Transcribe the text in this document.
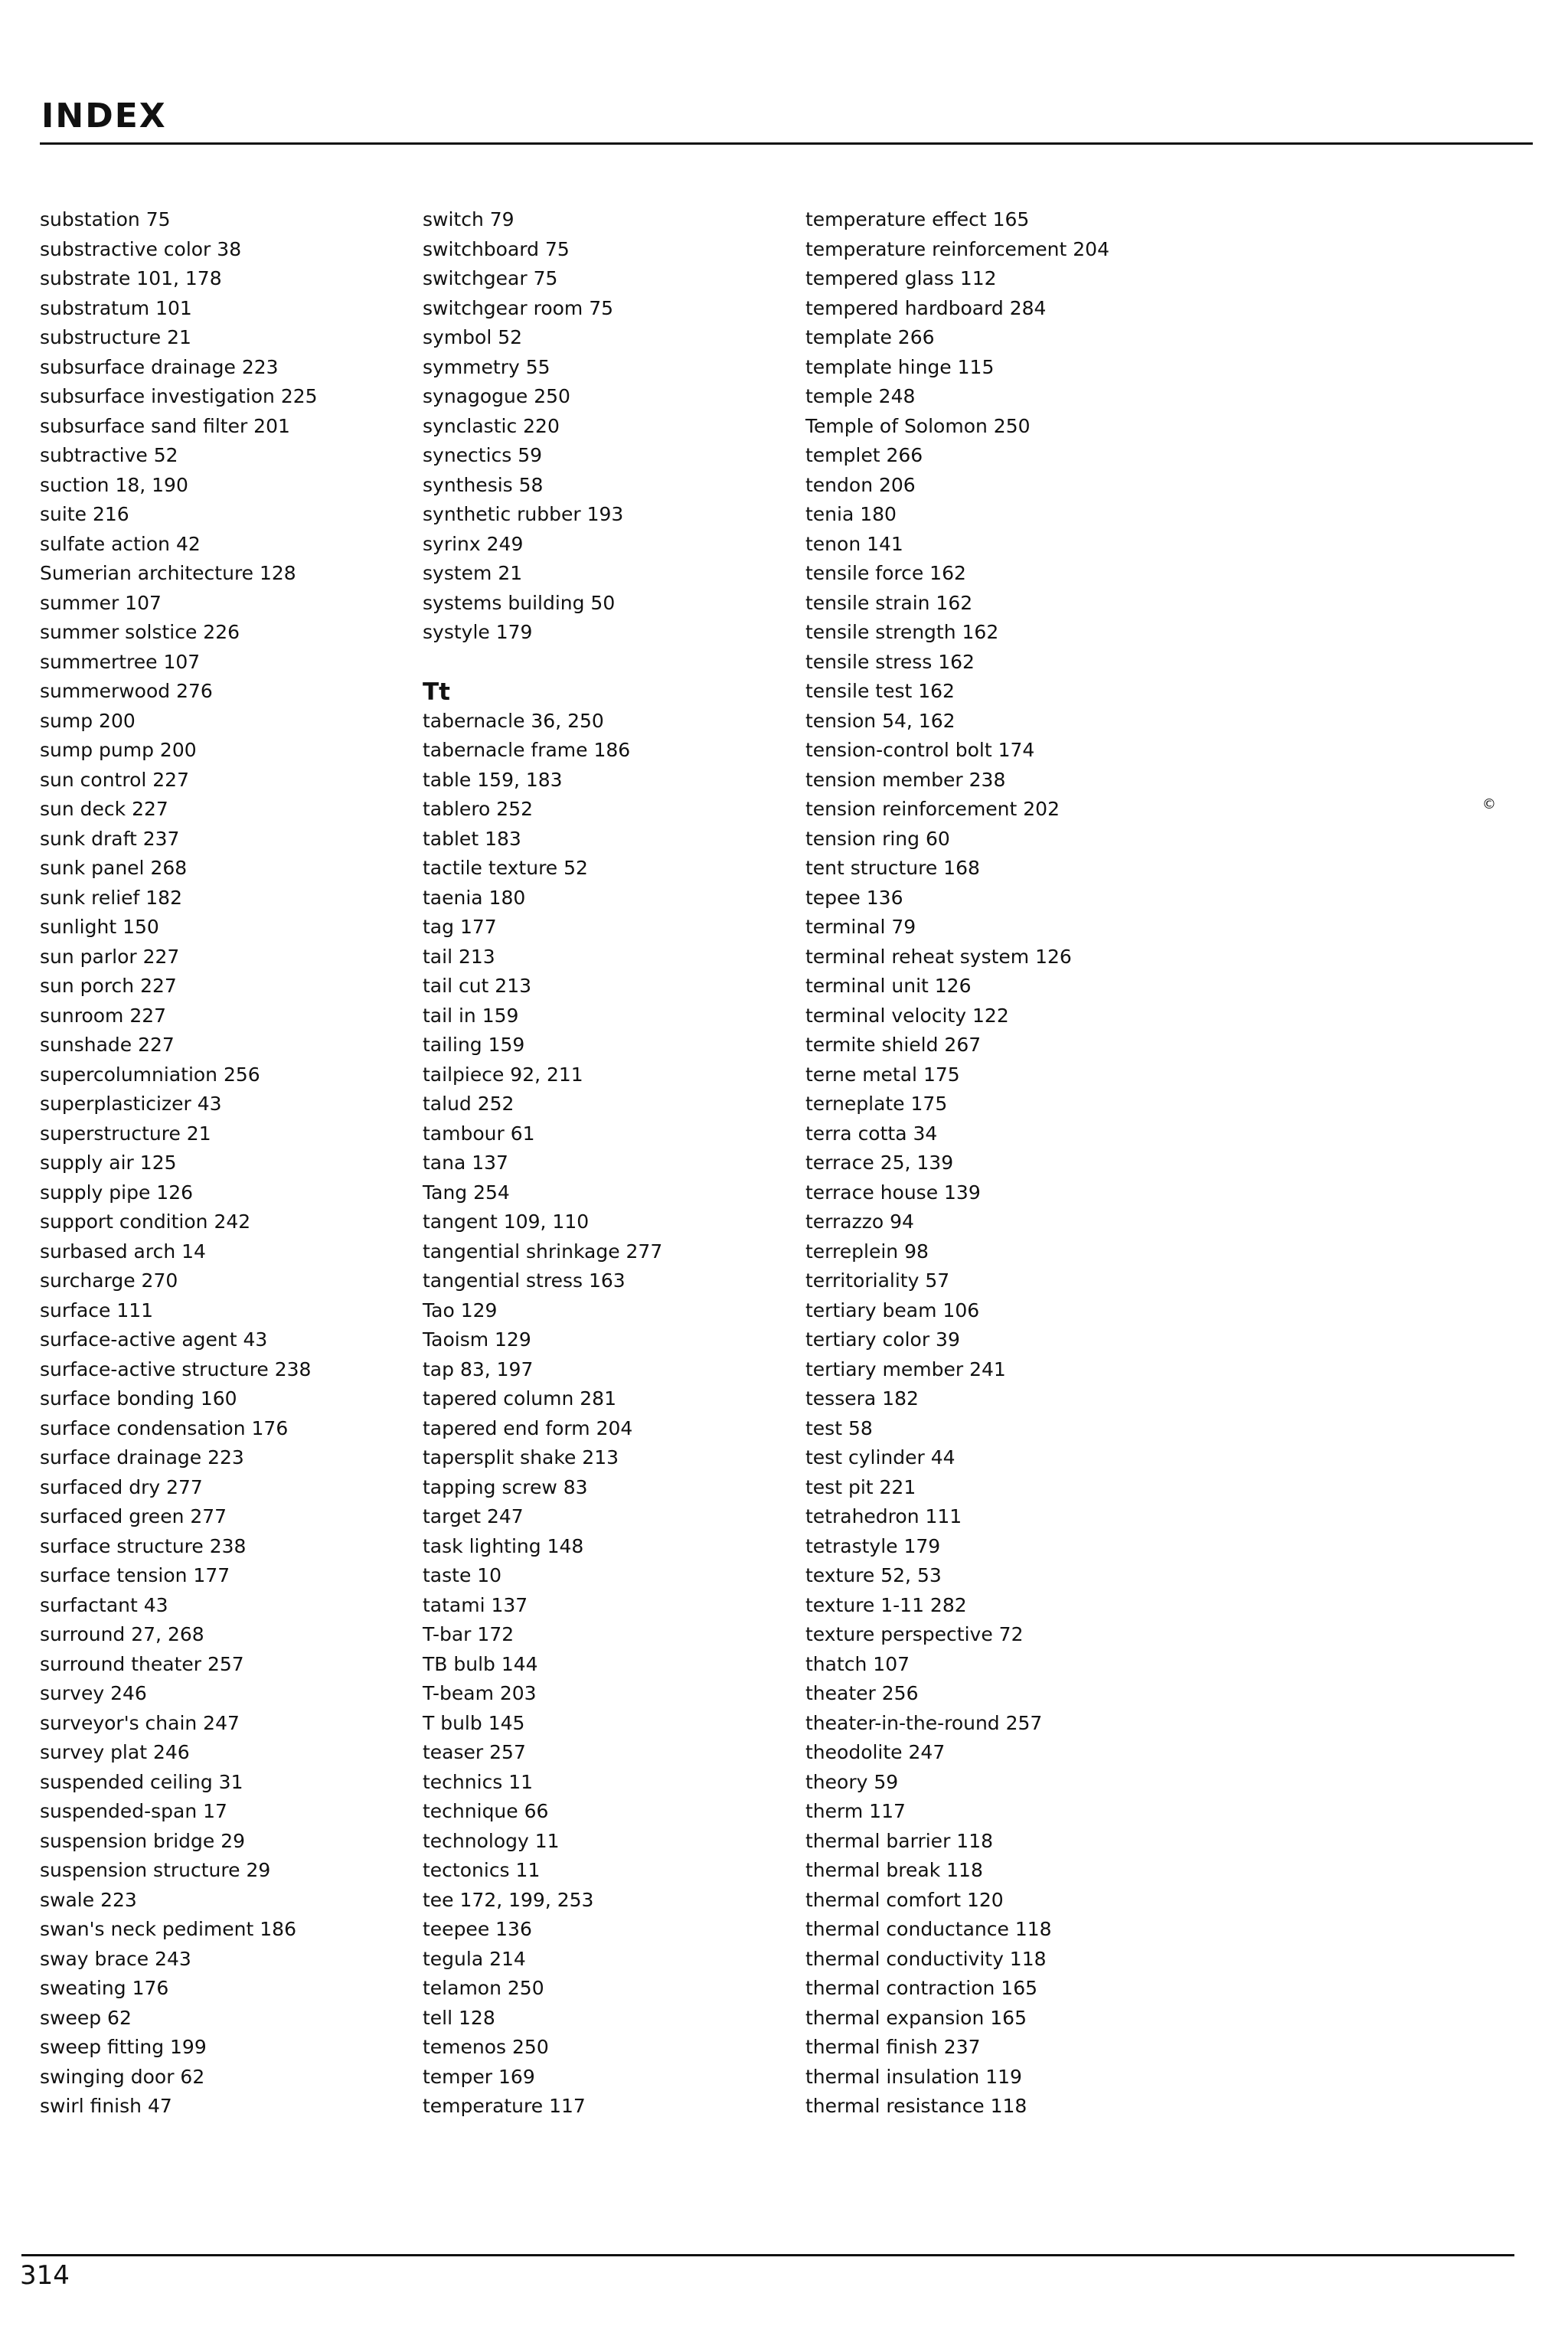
INDEX
substation 75
substractive color 38
substrate 101, 178
substratum 101
substructure 21
subsurface drainage 223
subsurface investigation 225
subsurface sand filter 201
subtractive 52
suction 18, 190
suite 216
sulfate action 42
Sumerian architecture 128
summer 107
summer solstice 226
summertree 107
summerwood 276
sump 200
sump pump 200
sun control 227
sun deck 227
sunk draft 237
sunk panel 268
sunk relief 182
sunlight 150
sun parlor 227
sun porch 227
sunroom 227
sunshade 227
supercolumniation 256
superplasticizer 43
superstructure 21
supply air 125
supply pipe 126
support condition 242
surbased arch 14
surcharge 270
surface 111
surface-active agent 43
surface-active structure 238
surface bonding 160
surface condensation 176
surface drainage 223
surfaced dry 277
surfaced green 277
surface structure 238
surface tension 177
surfactant 43
surround 27, 268
surround theater 257
survey 246
surveyor's chain 247
survey plat 246
suspended ceiling 31
suspended-span 17
suspension bridge 29
suspension structure 29
swale 223
swan's neck pediment 186
sway brace 243
sweating 176
sweep 62
sweep fitting 199
swinging door 62
swirl finish 47
switch 79
switchboard 75
switchgear 75
switchgear room 75
symbol 52
symmetry 55
synagogue 250
synclastic 220
synectics 59
synthesis 58
synthetic rubber 193
syrinx 249
system 21
systems building 50
systyle 179
Tt
tabernacle 36, 250
tabernacle frame 186
table 159, 183
tablero 252
tablet 183
tactile texture 52
taenia 180
tag 177
tail 213
tail cut 213
tail in 159
tailing 159
tailpiece 92, 211
talud 252
tambour 61
tana 137
Tang 254
tangent 109, 110
tangential shrinkage 277
tangential stress 163
Tao 129
Taoism 129
tap 83, 197
tapered column 281
tapered end form 204
tapersplit shake 213
tapping screw 83
target 247
task lighting 148
taste 10
tatami 137
T-bar 172
TB bulb 144
T-beam 203
T bulb 145
teaser 257
technics 11
technique 66
technology 11
tectonics 11
tee 172, 199, 253
teepee 136
tegula 214
telamon 250
tell 128
temenos 250
temper 169
temperature 117
temperature effect 165
temperature reinforcement 204
tempered glass 112
tempered hardboard 284
template 266
template hinge 115
temple 248
Temple of Solomon 250
templet 266
tendon 206
tenia 180
tenon 141
tensile force 162
tensile strain 162
tensile strength 162
tensile stress 162
tensile test 162
tension 54, 162
tension-control bolt 174
tension member 238
tension reinforcement 202
tension ring 60
tent structure 168
tepee 136
terminal 79
terminal reheat system 126
terminal unit 126
terminal velocity 122
termite shield 267
terne metal 175
terneplate 175
terra cotta 34
terrace 25, 139
terrace house 139
terrazzo 94
terreplein 98
territoriality 57
tertiary beam 106
tertiary color 39
tertiary member 241
tessera 182
test 58
test cylinder 44
test pit 221
tetrahedron 111
tetrastyle 179
texture 52, 53
texture 1-11 282
texture perspective 72
thatch 107
theater 256
theater-in-the-round 257
theodolite 247
theory 59
therm 117
thermal barrier 118
thermal break 118
thermal comfort 120
thermal conductance 118
thermal conductivity 118
thermal contraction 165
thermal expansion 165
thermal finish 237
thermal insulation 119
thermal resistance 118
©
314
